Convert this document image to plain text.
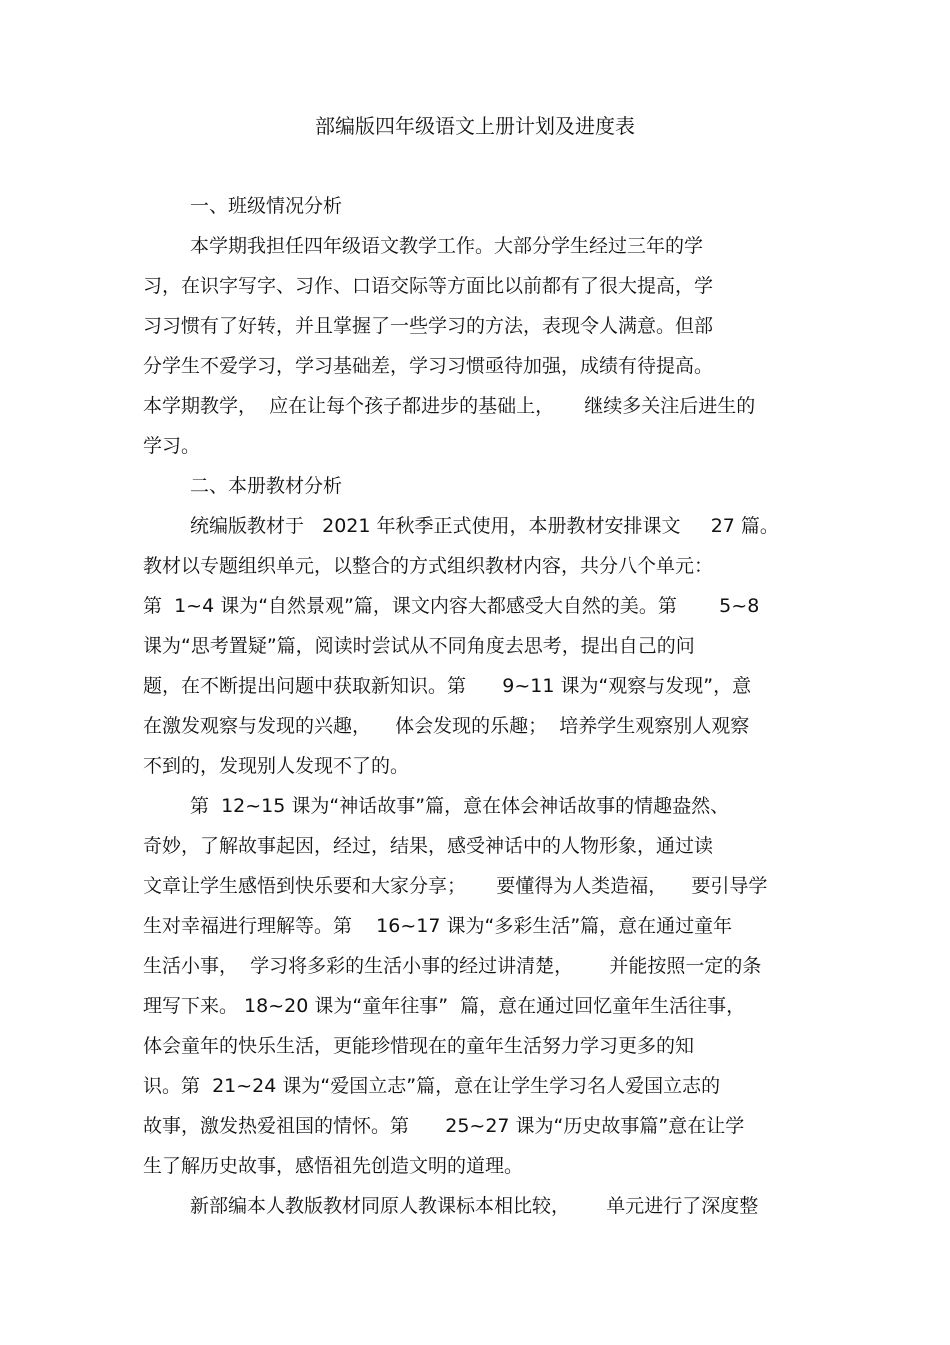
部编版四年级语文上册计划及进度表
一、班级情况分析
本学期我担任四年级语文教学工作。大部分学生经过三年的学
习，在识字写字、习作、口语交际等方面比以前都有了很大提高，学
习习惯有了好转，并且掌握了一些学习的方法，表现令人满意。但部
分学生不爱学习，学习基础差，学习习惯亟待加强，成绩有待提高。
本学期教学，  应在让每个孩子都进步的基础上，     继续多关注后进生的
学习。
二、本册教材分析
统编版教材于   2021 年秋季正式使用，本册教材安排课文     27 篇。
教材以专题组织单元，以整合的方式组织教材内容，共分八个单元：
第  1~4 课为“自然景观”篇，课文内容大都感受大自然的美。第       5~8
课为“思考置疑”篇，阅读时尝试从不同角度去思考，提出自己的问
题，在不断提出问题中获取新知识。第      9~11 课为“观察与发现”，意
在激发观察与发现的兴趣，    体会发现的乐趣；  培养学生观察别人观察
不到的，发现别人发现不了的。
第  12~15 课为“神话故事”篇，意在体会神话故事的情趣盎然、
奇妙，了解故事起因，经过，结果，感受神话中的人物形象，通过读
文章让学生感悟到快乐要和大家分享；     要懂得为人类造福，    要引导学
生对幸福进行理解等。第    16~17 课为“多彩生活”篇，意在通过童年
生活小事，  学习将多彩的生活小事的经过讲清楚，      并能按照一定的条
理写下来。 18~20 课为“童年往事”  篇，意在通过回忆童年生活往事，
体会童年的快乐生活，更能珍惜现在的童年生活努力学习更多的知
识。第  21~24 课为“爱国立志”篇，意在让学生学习名人爱国立志的
故事，激发热爱祖国的情怀。第      25~27 课为“历史故事篇”意在让学
生了解历史故事，感悟祖先创造文明的道理。
新部编本人教版教材同原人教课标本相比较，      单元进行了深度整
